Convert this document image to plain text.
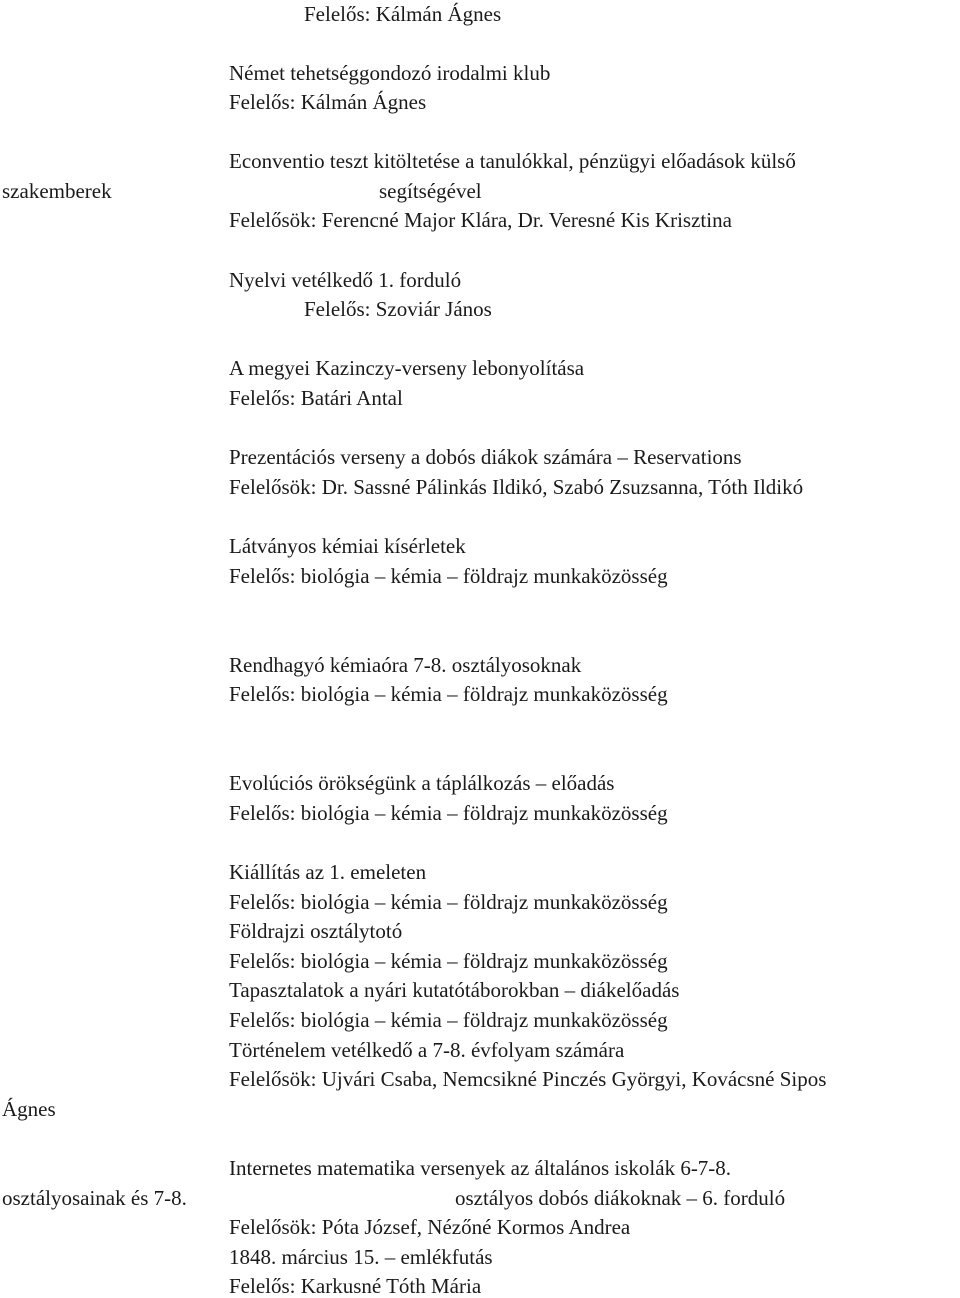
Felelős: Kálmán Ágnes
Német tehetséggondozó irodalmi klub
Felelős: Kálmán Ágnes
Econventio teszt kitöltetése a tanulókkal, pénzügyi előadások külső
szakemberek	segítségével
Felelősök: Ferencné Major Klára, Dr. Veresné Kis Krisztina
Nyelvi vetélkedő 1. forduló
Felelős: Szoviár János
A megyei Kazinczy-verseny lebonyolítása
Felelős: Batári Antal
Prezentációs verseny a dobós diákok számára – Reservations
Felelősök: Dr. Sassné Pálinkás Ildikó, Szabó Zsuzsanna, Tóth Ildikó
Látványos kémiai kísérletek
Felelős: biológia – kémia – földrajz munkaközösség
Rendhagyó kémiaóra 7-8. osztályosoknak
Felelős: biológia – kémia – földrajz munkaközösség
Evolúciós örökségünk a táplálkozás – előadás
Felelős: biológia – kémia – földrajz munkaközösség
Kiállítás az 1. emeleten
Felelős: biológia – kémia – földrajz munkaközösség
Földrajzi osztálytotó
Felelős: biológia – kémia – földrajz munkaközösség
Tapasztalatok a nyári kutatótáborokban – diákelőadás
Felelős: biológia – kémia – földrajz munkaközösség
Történelem vetélkedő a 7-8. évfolyam számára
Felelősök: Ujvári Csaba, Nemcsikné Pinczés Györgyi, Kovácsné Sipos
Ágnes
Internetes matematika versenyek az általános iskolák 6-7-8.
osztályosainak és 7-8.	osztályos dobós diákoknak – 6. forduló
Felelősök: Póta József, Nézőné Kormos Andrea
1848. március 15. – emlékfutás
Felelős: Karkusné Tóth Mária
